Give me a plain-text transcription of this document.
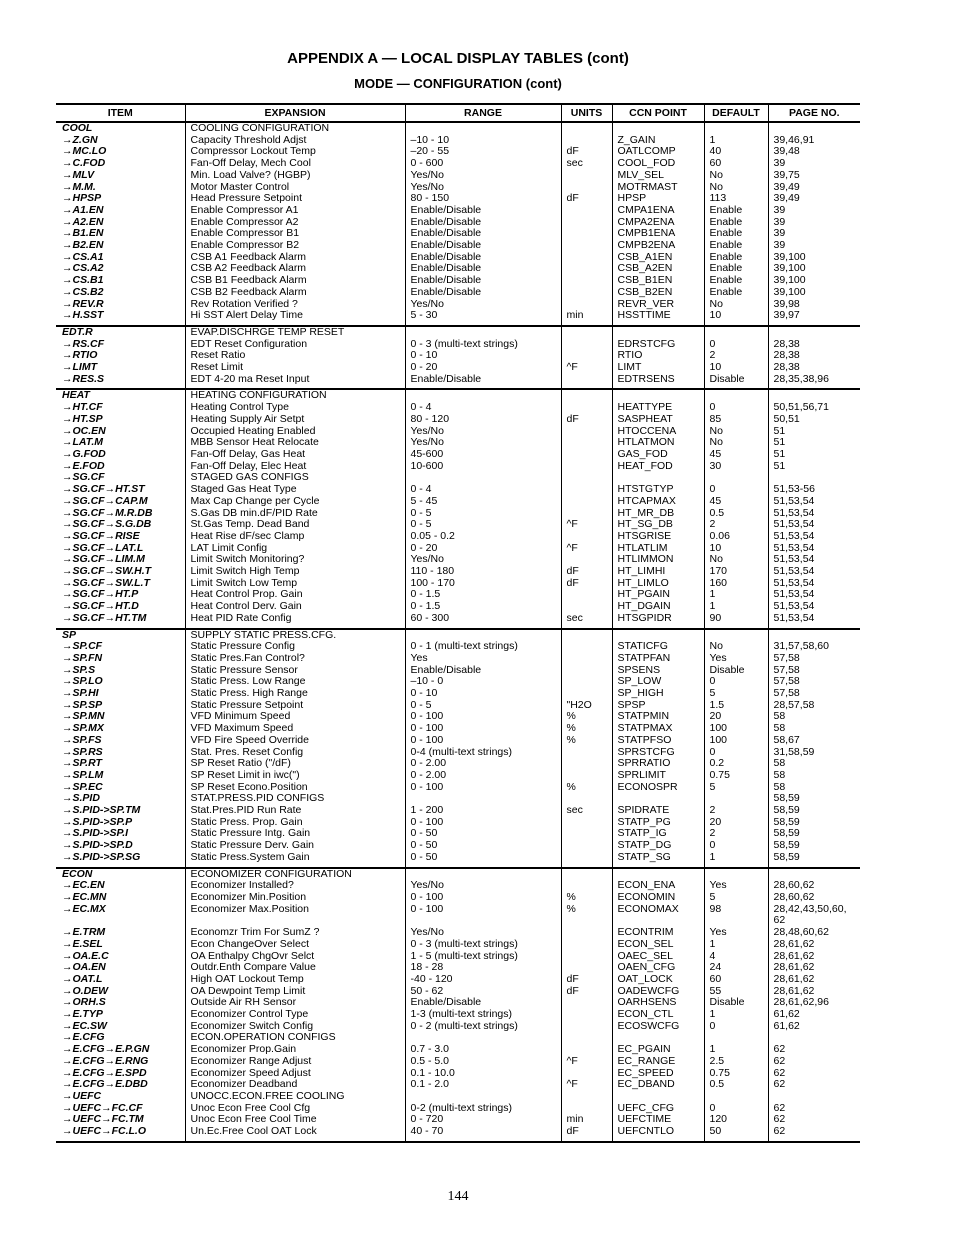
APPENDIX A — LOCAL DISPLAY TABLES (cont)
MODE — CONFIGURATION (cont)
ITEM	EXPANSION	RANGE	UNITS	CCN POINT	DEFAULT	PAGE NO.
COOL	COOLING CONFIGURATION					
→Z.GN	Capacity Threshold Adjst	–10 - 10		Z_GAIN	1	39,46,91
→MC.LO	Compressor Lockout Temp	–20 - 55	dF	OATLCOMP	40	39,48
→C.FOD	Fan-Off Delay, Mech Cool	0 - 600	sec	COOL_FOD	60	39
→MLV	Min. Load Valve? (HGBP)	Yes/No		MLV_SEL	No	39,75
→M.M.	Motor Master Control	Yes/No		MOTRMAST	No	39,49
→HPSP	Head Pressure Setpoint	80 - 150	dF	HPSP	113	39,49
→A1.EN	Enable Compressor A1	Enable/Disable		CMPA1ENA	Enable	39
→A2.EN	Enable Compressor A2	Enable/Disable		CMPA2ENA	Enable	39
→B1.EN	Enable Compressor B1	Enable/Disable		CMPB1ENA	Enable	39
→B2.EN	Enable Compressor B2	Enable/Disable		CMPB2ENA	Enable	39
→CS.A1	CSB A1 Feedback Alarm	Enable/Disable		CSB_A1EN	Enable	39,100
→CS.A2	CSB A2 Feedback Alarm	Enable/Disable		CSB_A2EN	Enable	39,100
→CS.B1	CSB B1 Feedback Alarm	Enable/Disable		CSB_B1EN	Enable	39,100
→CS.B2	CSB B2 Feedback Alarm	Enable/Disable		CSB_B2EN	Enable	39,100
→REV.R	Rev Rotation Verified ?	Yes/No		REVR_VER	No	39,98
→H.SST	Hi SST Alert Delay Time	5 - 30	min	HSSTTIME	10	39,97

EDT.R	EVAP.DISCHRGE TEMP RESET					
→RS.CF	EDT Reset Configuration	0 - 3 (multi-text strings)		EDRSTCFG	0	28,38
→RTIO	Reset Ratio	0 - 10		RTIO	2	28,38
→LIMT	Reset Limit	0 - 20	^F	LIMT	10	28,38
→RES.S	EDT 4-20 ma Reset Input	Enable/Disable		EDTRSENS	Disable	28,35,38,96

HEAT	HEATING CONFIGURATION					
→HT.CF	Heating Control Type	0 - 4		HEATTYPE	0	50,51,56,71
→HT.SP	Heating Supply Air Setpt	80 - 120	dF	SASPHEAT	85	50,51
→OC.EN	Occupied Heating Enabled	Yes/No		HTOCCENA	No	51
→LAT.M	MBB Sensor Heat Relocate	Yes/No		HTLATMON	No	51
→G.FOD	Fan-Off Delay, Gas Heat	45-600		GAS_FOD	45	51
→E.FOD	Fan-Off Delay, Elec Heat	10-600		HEAT_FOD	30	51
→SG.CF	STAGED GAS CONFIGS					
→SG.CF→HT.ST	Staged Gas Heat Type	0 - 4		HTSTGTYP	0	51,53-56
→SG.CF→CAP.M	Max Cap Change per Cycle	5 - 45		HTCAPMAX	45	51,53,54
→SG.CF→M.R.DB	S.Gas DB min.dF/PID Rate	0 - 5		HT_MR_DB	0.5	51,53,54
→SG.CF→S.G.DB	St.Gas Temp. Dead Band	0 - 5	^F	HT_SG_DB	2	51,53,54
→SG.CF→RISE	Heat Rise dF/sec Clamp	0.05 - 0.2		HTSGRISE	0.06	51,53,54
→SG.CF→LAT.L	LAT Limit Config	0 - 20	^F	HTLATLIM	10	51,53,54
→SG.CF→LIM.M	Limit Switch Monitoring?	Yes/No		HTLIMMON	No	51,53,54
→SG.CF→SW.H.T	Limit Switch High Temp	110 - 180	dF	HT_LIMHI	170	51,53,54
→SG.CF→SW.L.T	Limit Switch Low Temp	100 - 170	dF	HT_LIMLO	160	51,53,54
→SG.CF→HT.P	Heat Control Prop. Gain	0 - 1.5		HT_PGAIN	1	51,53,54
→SG.CF→HT.D	Heat Control Derv. Gain	0 - 1.5		HT_DGAIN	1	51,53,54
→SG.CF→HT.TM	Heat PID Rate Config	60 - 300	sec	HTSGPIDR	90	51,53,54

SP	SUPPLY STATIC PRESS.CFG.					
→SP.CF	Static Pressure Config	0 - 1 (multi-text strings)		STATICFG	No	31,57,58,60
→SP.FN	Static Pres.Fan Control?	Yes		STATPFAN	Yes	57,58
→SP.S	Static Pressure Sensor	Enable/Disable		SPSENS	Disable	57,58
→SP.LO	Static Press. Low Range	–10 - 0		SP_LOW	0	57,58
→SP.HI	Static Press. High Range	0 - 10		SP_HIGH	5	57,58
→SP.SP	Static Pressure Setpoint	0 - 5	"H2O	SPSP	1.5	28,57,58
→SP.MN	VFD Minimum Speed	0 - 100	%	STATPMIN	20	58
→SP.MX	VFD Maximum Speed	0 - 100	%	STATPMAX	100	58
→SP.FS	VFD Fire Speed Override	0 - 100	%	STATPFSO	100	58,67
→SP.RS	Stat. Pres. Reset Config	0-4 (multi-text strings)		SPRSTCFG	0	31,58,59
→SP.RT	SP Reset Ratio ("/dF)	0 - 2.00		SPRRATIO	0.2	58
→SP.LM	SP Reset Limit in iwc(")	0 - 2.00		SPRLIMIT	0.75	58
→SP.EC	SP Reset Econo.Position	0 - 100	%	ECONOSPR	5	58
→S.PID	STAT.PRESS.PID CONFIGS					58,59
→S.PID->SP.TM	Stat.Pres.PID Run Rate	1 - 200	sec	SPIDRATE	2	58,59
→S.PID->SP.P	Static Press. Prop. Gain	0 - 100		STATP_PG	20	58,59
→S.PID->SP.I	Static Pressure Intg. Gain	0 - 50		STATP_IG	2	58,59
→S.PID->SP.D	Static Pressure Derv. Gain	0 - 50		STATP_DG	0	58,59
→S.PID->SP.SG	Static Press.System Gain	0 - 50		STATP_SG	1	58,59

ECON	ECONOMIZER CONFIGURATION					
→EC.EN	Economizer Installed?	Yes/No		ECON_ENA	Yes	28,60,62
→EC.MN	Economizer Min.Position	0 - 100	%	ECONOMIN	5	28,60,62
→EC.MX	Economizer Max.Position	0 - 100	%	ECONOMAX	98	28,42,43,50,60,
						62
→E.TRM	Economzr Trim For SumZ ?	Yes/No		ECONTRIM	Yes	28,48,60,62
→E.SEL	Econ ChangeOver Select	0 - 3 (multi-text strings)		ECON_SEL	1	28,61,62
→OA.E.C	OA Enthalpy ChgOvr Selct	1 - 5 (multi-text strings)		OAEC_SEL	4	28,61,62
→OA.EN	Outdr.Enth Compare Value	18 - 28		OAEN_CFG	24	28,61,62
→OAT.L	High OAT Lockout Temp	-40 - 120	dF	OAT_LOCK	60	28,61,62
→O.DEW	OA Dewpoint Temp Limit	50 - 62	dF	OADEWCFG	55	28,61,62
→ORH.S	Outside Air RH Sensor	Enable/Disable		OARHSENS	Disable	28,61,62,96
→E.TYP	Economizer Control Type	1-3 (multi-text strings)		ECON_CTL	1	61,62
→EC.SW	Economizer Switch Config	0 - 2 (multi-text strings)		ECOSWCFG	0	61,62
→E.CFG	ECON.OPERATION CONFIGS					
→E.CFG→E.P.GN	Economizer Prop.Gain	0.7 - 3.0		EC_PGAIN	1	62
→E.CFG→E.RNG	Economizer Range Adjust	0.5 - 5.0	^F	EC_RANGE	2.5	62
→E.CFG→E.SPD	Economizer Speed Adjust	0.1 - 10.0		EC_SPEED	0.75	62
→E.CFG→E.DBD	Economizer Deadband	0.1 - 2.0	^F	EC_DBAND	0.5	62
→UEFC	UNOCC.ECON.FREE COOLING					
→UEFC→FC.CF	Unoc Econ Free Cool Cfg	0-2 (multi-text strings)		UEFC_CFG	0	62
→UEFC→FC.TM	Unoc Econ Free Cool Time	0 - 720	min	UEFCTIME	120	62
→UEFC→FC.L.O	Un.Ec.Free Cool OAT Lock	40 - 70	dF	UEFCNTLO	50	62

144
